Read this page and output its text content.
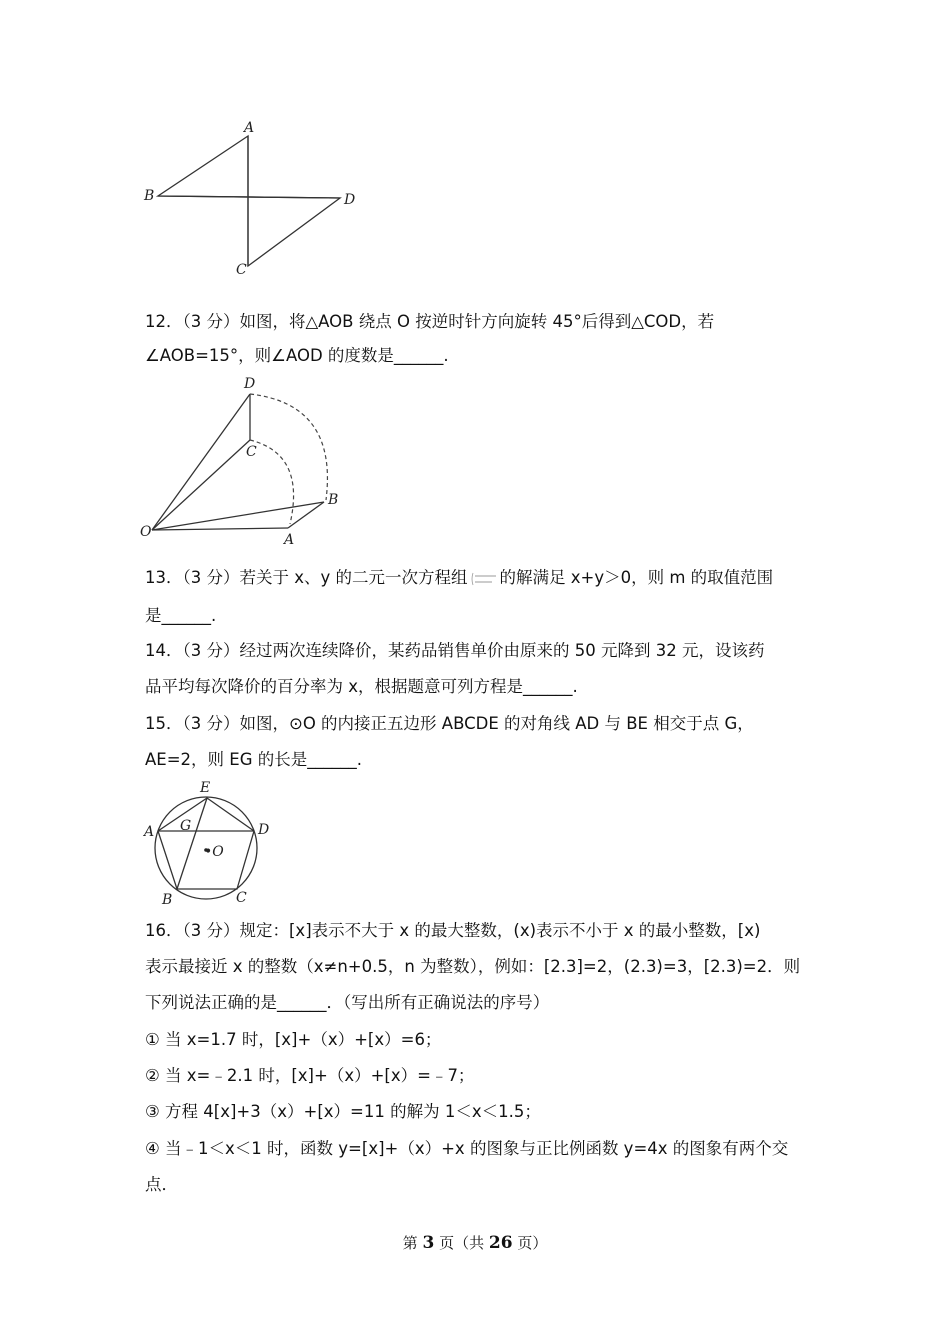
A
B	D
C
12．（3 分）如图，将△AOB 绕点 O 按逆时针方向旋转 45°后得到△COD，若
∠AOB=15°，则∠AOD 的度数是______.
D
C
B
O	A
13．（3 分）若关于 x、y 的二元一次方程组 的解满足 x+y＞0，则 m 的取值范围
是______.
14．（3 分）经过两次连续降价，某药品销售单价由原来的 50 元降到 32 元，设该药
品平均每次降价的百分率为 x，根据题意可列方程是______.
15．（3 分）如图，⊙O 的内接正五边形 ABCDE 的对角线 AD 与 BE 相交于点 G，
AE=2，则 EG 的长是______.
E
A G	D
•O
B	C
16．（3 分）规定：[x]表示不大于 x 的最大整数，(x)表示不小于 x 的最小整数，[x)
表示最接近 x 的整数（x≠n+0.5，n 为整数），例如：[2.3]=2，(2.3)=3，[2.3)=2．则
下列说法正确的是______．（写出所有正确说法的序号）
① 当 x=1.7 时，[x]+（x）+[x）=6；
② 当 x=﹣2.1 时，[x]+（x）+[x）=﹣7；
③ 方程 4[x]+3（x）+[x）=11 的解为 1＜x＜1.5；
④ 当﹣1＜x＜1 时，函数 y=[x]+（x）+x 的图象与正比例函数 y=4x 的图象有两个交
点．
第 3 页（共 26 页）
